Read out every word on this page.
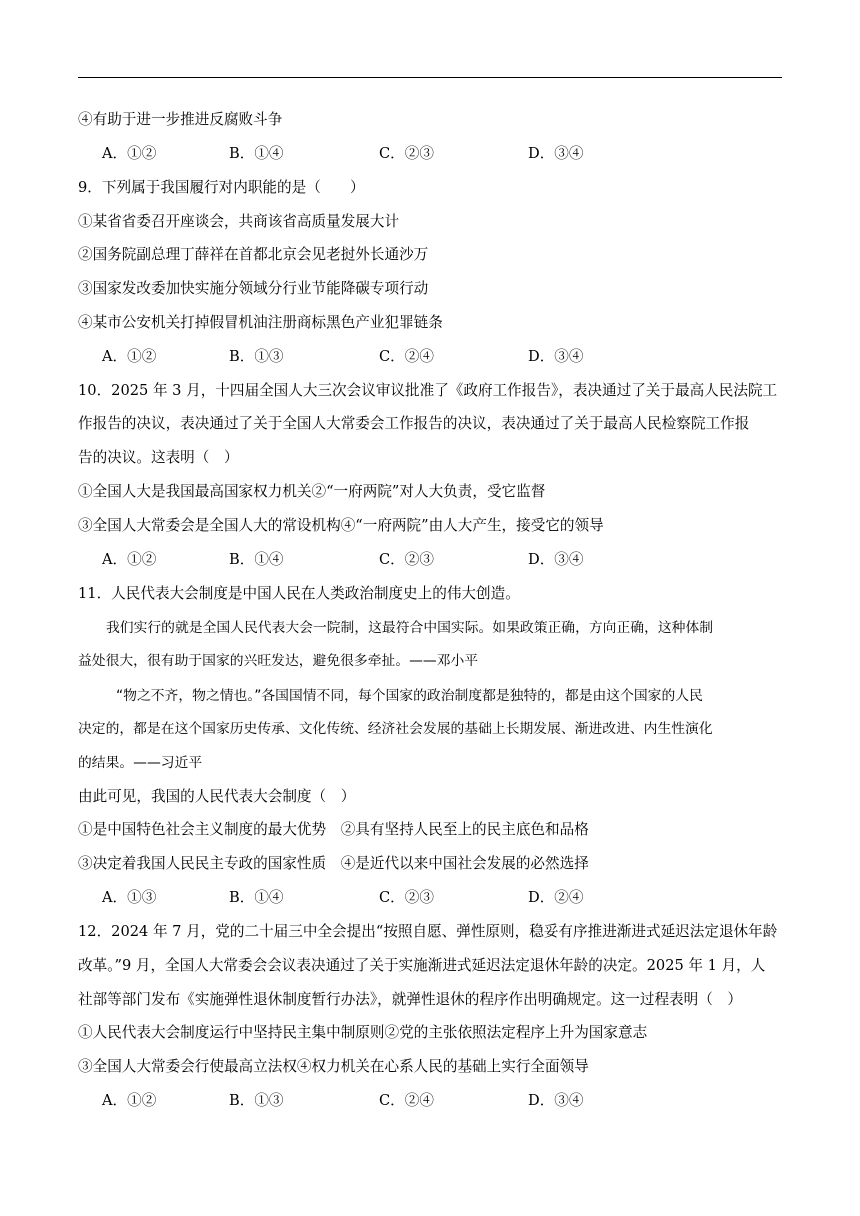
④有助于进一步推进反腐败斗争
A．①②	B．①④	C．②③	D．③④
9．下列属于我国履行对内职能的是（　　）
①某省省委召开座谈会，共商该省高质量发展大计
②国务院副总理丁薛祥在首都北京会见老挝外长通沙万
③国家发改委加快实施分领域分行业节能降碳专项行动
④某市公安机关打掉假冒机油注册商标黑色产业犯罪链条
A．①②	B．①③	C．②④	D．③④
10．2025 年 3 月，十四届全国人大三次会议审议批准了《政府工作报告》，表决通过了关于最高人民法院工
作报告的决议，表决通过了关于全国人大常委会工作报告的决议，表决通过了关于最高人民检察院工作报
告的决议。这表明（　）
①全国人大是我国最高国家权力机关②“一府两院”对人大负责，受它监督
③全国人大常委会是全国人大的常设机构④“一府两院”由人大产生，接受它的领导
A．①②	B．①④	C．②③	D．③④
11．人民代表大会制度是中国人民在人类政治制度史上的伟大创造。
我们实行的就是全国人民代表大会一院制，这最符合中国实际。如果政策正确，方向正确，这种体制
益处很大，很有助于国家的兴旺发达，避免很多牵扯。——邓小平
“物之不齐，物之情也。”各国国情不同，每个国家的政治制度都是独特的，都是由这个国家的人民
决定的，都是在这个国家历史传承、文化传统、经济社会发展的基础上长期发展、渐进改进、内生性演化
的结果。——习近平
由此可见，我国的人民代表大会制度（　）
①是中国特色社会主义制度的最大优势　②具有坚持人民至上的民主底色和品格
③决定着我国人民民主专政的国家性质　④是近代以来中国社会发展的必然选择
A．①③	B．①④	C．②③	D．②④
12．2024 年 7 月，党的二十届三中全会提出“按照自愿、弹性原则，稳妥有序推进渐进式延迟法定退休年龄
改革。”9 月，全国人大常委会会议表决通过了关于实施渐进式延迟法定退休年龄的决定。2025 年 1 月，人
社部等部门发布《实施弹性退休制度暂行办法》，就弹性退休的程序作出明确规定。这一过程表明（　）
①人民代表大会制度运行中坚持民主集中制原则②党的主张依照法定程序上升为国家意志
③全国人大常委会行使最高立法权④权力机关在心系人民的基础上实行全面领导
A．①②	B．①③	C．②④	D．③④
